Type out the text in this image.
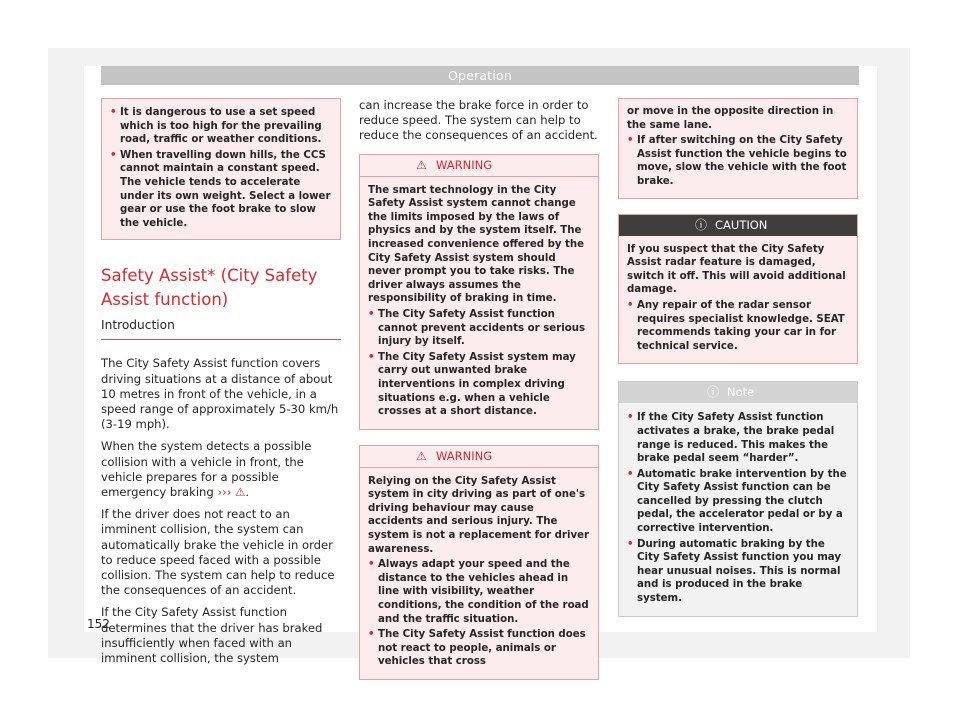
Operation
• It is dangerous to use a set speed which is too high for the prevailing road, traffic or weather conditions.
• When travelling down hills, the CCS cannot maintain a constant speed. The vehicle tends to accelerate under its own weight. Select a lower gear or use the foot brake to slow the vehicle.
Safety Assist* (City Safety Assist function)
Introduction

The City Safety Assist function covers driving situations at a distance of about 10 metres in front of the vehicle, in a speed range of approximately 5-30 km/h (3-19 mph).

When the system detects a possible collision with a vehicle in front, the vehicle prepares for a possible emergency braking ››› ⚠.

If the driver does not react to an imminent collision, the system can automatically brake the vehicle in order to reduce speed faced with a possible collision. The system can help to reduce the consequences of an accident.

If the City Safety Assist function determines that the driver has braked insufficiently when faced with an imminent collision, the system

can increase the brake force in order to reduce speed. The system can help to reduce the consequences of an accident.

⚠ WARNING

The smart technology in the City Safety Assist system cannot change the limits imposed by the laws of physics and by the system itself. The increased convenience offered by the City Safety Assist system should never prompt you to take risks. The driver always assumes the responsibility of braking in time.

• The City Safety Assist function cannot prevent accidents or serious injury by itself.
• The City Safety Assist system may carry out unwanted brake interventions in complex driving situations e.g. when a vehicle crosses at a short distance.
⚠ WARNING

Relying on the City Safety Assist system in city driving as part of one's driving behaviour may cause accidents and serious injury. The system is not a replacement for driver awareness.

• Always adapt your speed and the distance to the vehicles ahead in line with visibility, weather conditions, the condition of the road and the traffic situation.
• The City Safety Assist function does not react to people, animals or vehicles that cross

or move in the opposite direction in the same lane.

• If after switching on the City Safety Assist function the vehicle begins to move, slow the vehicle with the foot brake.
ⓘ CAUTION

If you suspect that the City Safety Assist radar feature is damaged, switch it off. This will avoid additional damage.

• Any repair of the radar sensor requires specialist knowledge. SEAT recommends taking your car in for technical service.
ⓘ Note
• If the City Safety Assist function activates a brake, the brake pedal range is reduced. This makes the brake pedal seem “harder”.
• Automatic brake intervention by the City Safety Assist function can be cancelled by pressing the clutch pedal, the accelerator pedal or by a corrective intervention.
• During automatic braking by the City Safety Assist function you may hear unusual noises. This is normal and is produced in the brake system.
152
